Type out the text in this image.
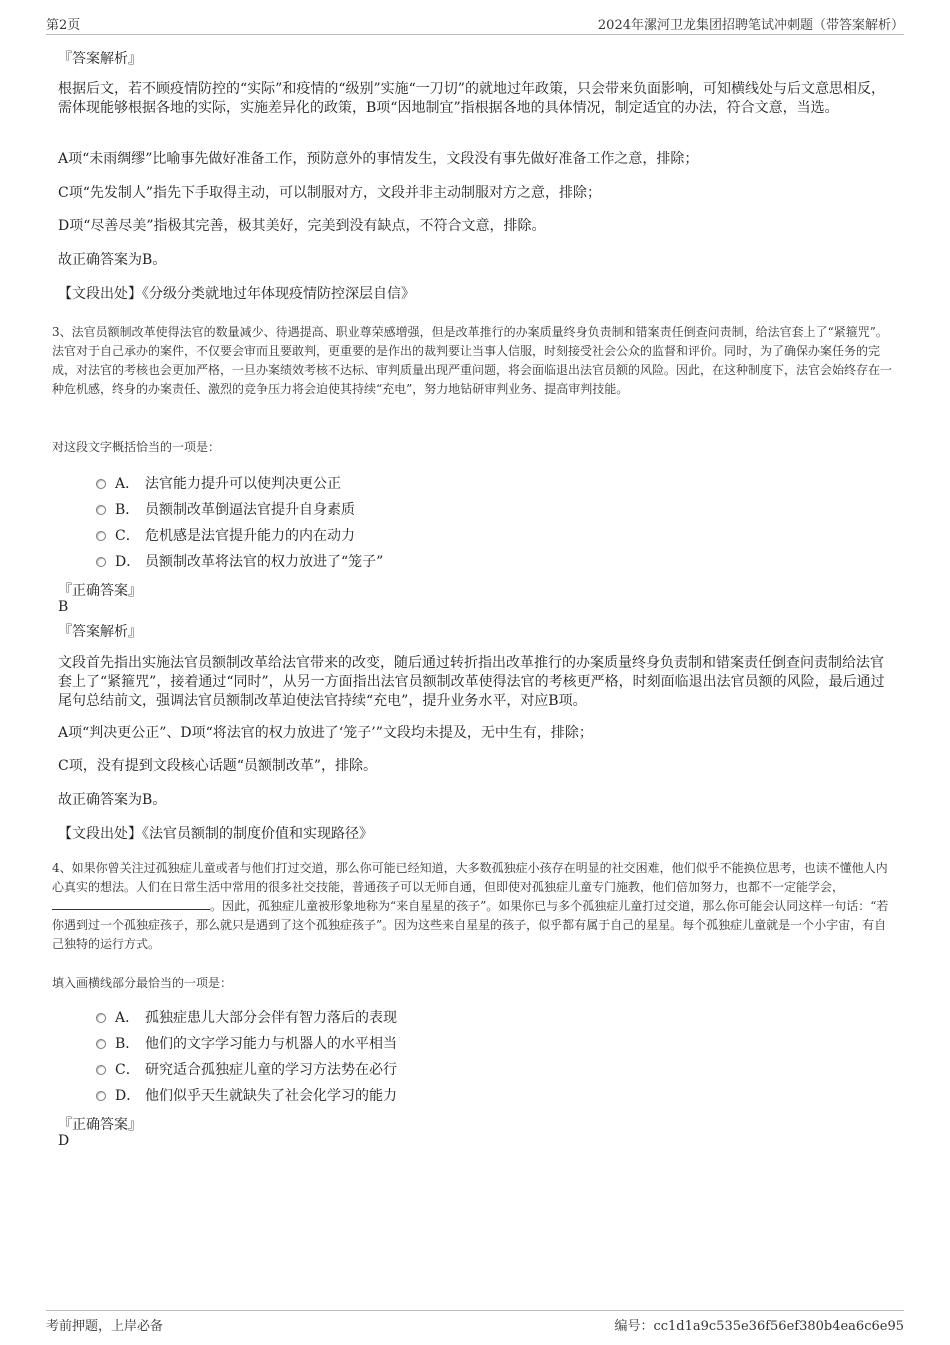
第2页	2024年漯河卫龙集团招聘笔试冲刺题（带答案解析）
『答案解析』
根据后文，若不顾疫情防控的“实际”和疫情的“级别”实施“一刀切”的就地过年政策，只会带来负面影响，可知横线处与后文意思相反，需体现能够根据各地的实际，实施差异化的政策，B项“因地制宜”指根据各地的具体情况，制定适宜的办法，符合文意，当选。
A项“未雨绸缪”比喻事先做好准备工作，预防意外的事情发生，文段没有事先做好准备工作之意，排除；
C项“先发制人”指先下手取得主动，可以制服对方，文段并非主动制服对方之意，排除；
D项“尽善尽美”指极其完善，极其美好，完美到没有缺点，不符合文意，排除。
故正确答案为B。
【文段出处】《分级分类就地过年体现疫情防控深层自信》
3、法官员额制改革使得法官的数量减少、待遇提高、职业尊荣感增强，但是改革推行的办案质量终身负责制和错案责任倒查问责制，给法官套上了“紧箍咒”。法官对于自己承办的案件，不仅要会审而且要敢判，更重要的是作出的裁判要让当事人信服，时刻接受社会公众的监督和评价。同时，为了确保办案任务的完成，对法官的考核也会更加严格，一旦办案绩效考核不达标、审判质量出现严重问题，将会面临退出法官员额的风险。因此，在这种制度下，法官会始终存在一种危机感，终身的办案责任、激烈的竞争压力将会迫使其持续“充电”，努力地钻研审判业务、提高审判技能。
对这段文字概括恰当的一项是：
A． 法官能力提升可以使判决更公正
B． 员额制改革倒逼法官提升自身素质
C． 危机感是法官提升能力的内在动力
D． 员额制改革将法官的权力放进了“笼子”
『正确答案』
B
『答案解析』
文段首先指出实施法官员额制改革给法官带来的改变，随后通过转折指出改革推行的办案质量终身负责制和错案责任倒查问责制给法官套上了“紧箍咒”，接着通过“同时”，从另一方面指出法官员额制改革使得法官的考核更严格，时刻面临退出法官员额的风险，最后通过尾句总结前文，强调法官员额制改革迫使法官持续“充电”，提升业务水平，对应B项。
A项“判决更公正”、D项“将法官的权力放进了‘笼子’”文段均未提及，无中生有，排除；
C项，没有提到文段核心话题“员额制改革”，排除。
故正确答案为B。
【文段出处】《法官员额制的制度价值和实现路径》
4、如果你曾关注过孤独症儿童或者与他们打过交道，那么你可能已经知道，大多数孤独症小孩存在明显的社交困难，他们似乎不能换位思考，也读不懂他人内心真实的想法。人们在日常生活中常用的很多社交技能，普通孩子可以无师自通，但即使对孤独症儿童专门施教，他们倍加努力，也都不一定能学会，。因此，孤独症儿童被形象地称为“来自星星的孩子”。如果你已与多个孤独症儿童打过交道，那么你可能会认同这样一句话：“若你遇到过一个孤独症孩子，那么就只是遇到了这个孤独症孩子”。因为这些来自星星的孩子，似乎都有属于自己的星星。每个孤独症儿童就是一个小宇宙，有自己独特的运行方式。
填入画横线部分最恰当的一项是：
A． 孤独症患儿大部分会伴有智力落后的表现
B． 他们的文字学习能力与机器人的水平相当
C． 研究适合孤独症儿童的学习方法势在必行
D． 他们似乎天生就缺失了社会化学习的能力
『正确答案』
D
考前押题，上岸必备	编号：cc1d1a9c535e36f56ef380b4ea6c6e95
